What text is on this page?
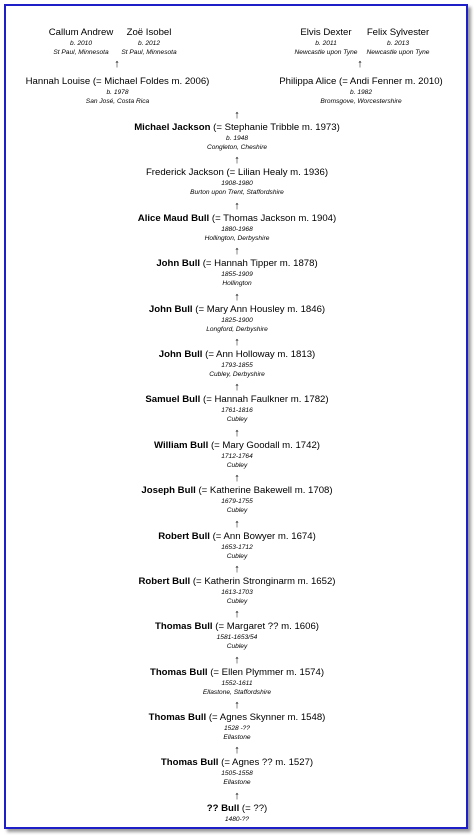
Callum Andrew
b. 2010
St Paul, Minnesota
Zoë Isobel
b. 2012
St Paul, Minnesota
↑
Elvis Dexter
b. 2011
Newcastle upon Tyne
Felix Sylvester
b. 2013
Newcastle upon Tyne
↑
Hannah Louise (= Michael Foldes m. 2006)
b. 1978
San José, Costa Rica
Philippa Alice (= Andi Fenner m. 2010)
b. 1982
Bromsgove, Worcestershire
↑
Michael Jackson (= Stephanie Tribble m. 1973)
b. 1948
Congleton, Cheshire
↑
Frederick Jackson (= Lilian Healy m. 1936)
1908-1980
Burton upon Trent, Staffordshire
↑
Alice Maud Bull (= Thomas Jackson m. 1904)
1880-1968
Hollington, Derbyshire
↑
John Bull (= Hannah Tipper m. 1878)
1855-1909
Hollington
↑
John Bull (= Mary Ann Housley m. 1846)
1825-1900
Longford, Derbyshire
↑
John Bull (= Ann Holloway m. 1813)
1793-1855
Cubley, Derbyshire
↑
Samuel Bull (= Hannah Faulkner m. 1782)
1761-1816
Cubley
↑
William Bull (= Mary Goodall m. 1742)
1712-1764
Cubley
↑
Joseph Bull (= Katherine Bakewell m. 1708)
1679-1755
Cubley
↑
Robert Bull (= Ann Bowyer m. 1674)
1653-1712
Cubley
↑
Robert Bull (= Katherin Stronginarm m. 1652)
1613-1703
Cubley
↑
Thomas Bull (= Margaret ?? m. 1606)
1581-1653/54
Cubley
↑
Thomas Bull (= Ellen Plymmer m. 1574)
1552-1611
Ellastone, Staffordshire
↑
Thomas Bull (= Agnes Skynner m. 1548)
1528 -??
Ellastone
↑
Thomas Bull (= Agnes ?? m. 1527)
1505-1558
Ellastone
↑
?? Bull (= ??)
1480-??
